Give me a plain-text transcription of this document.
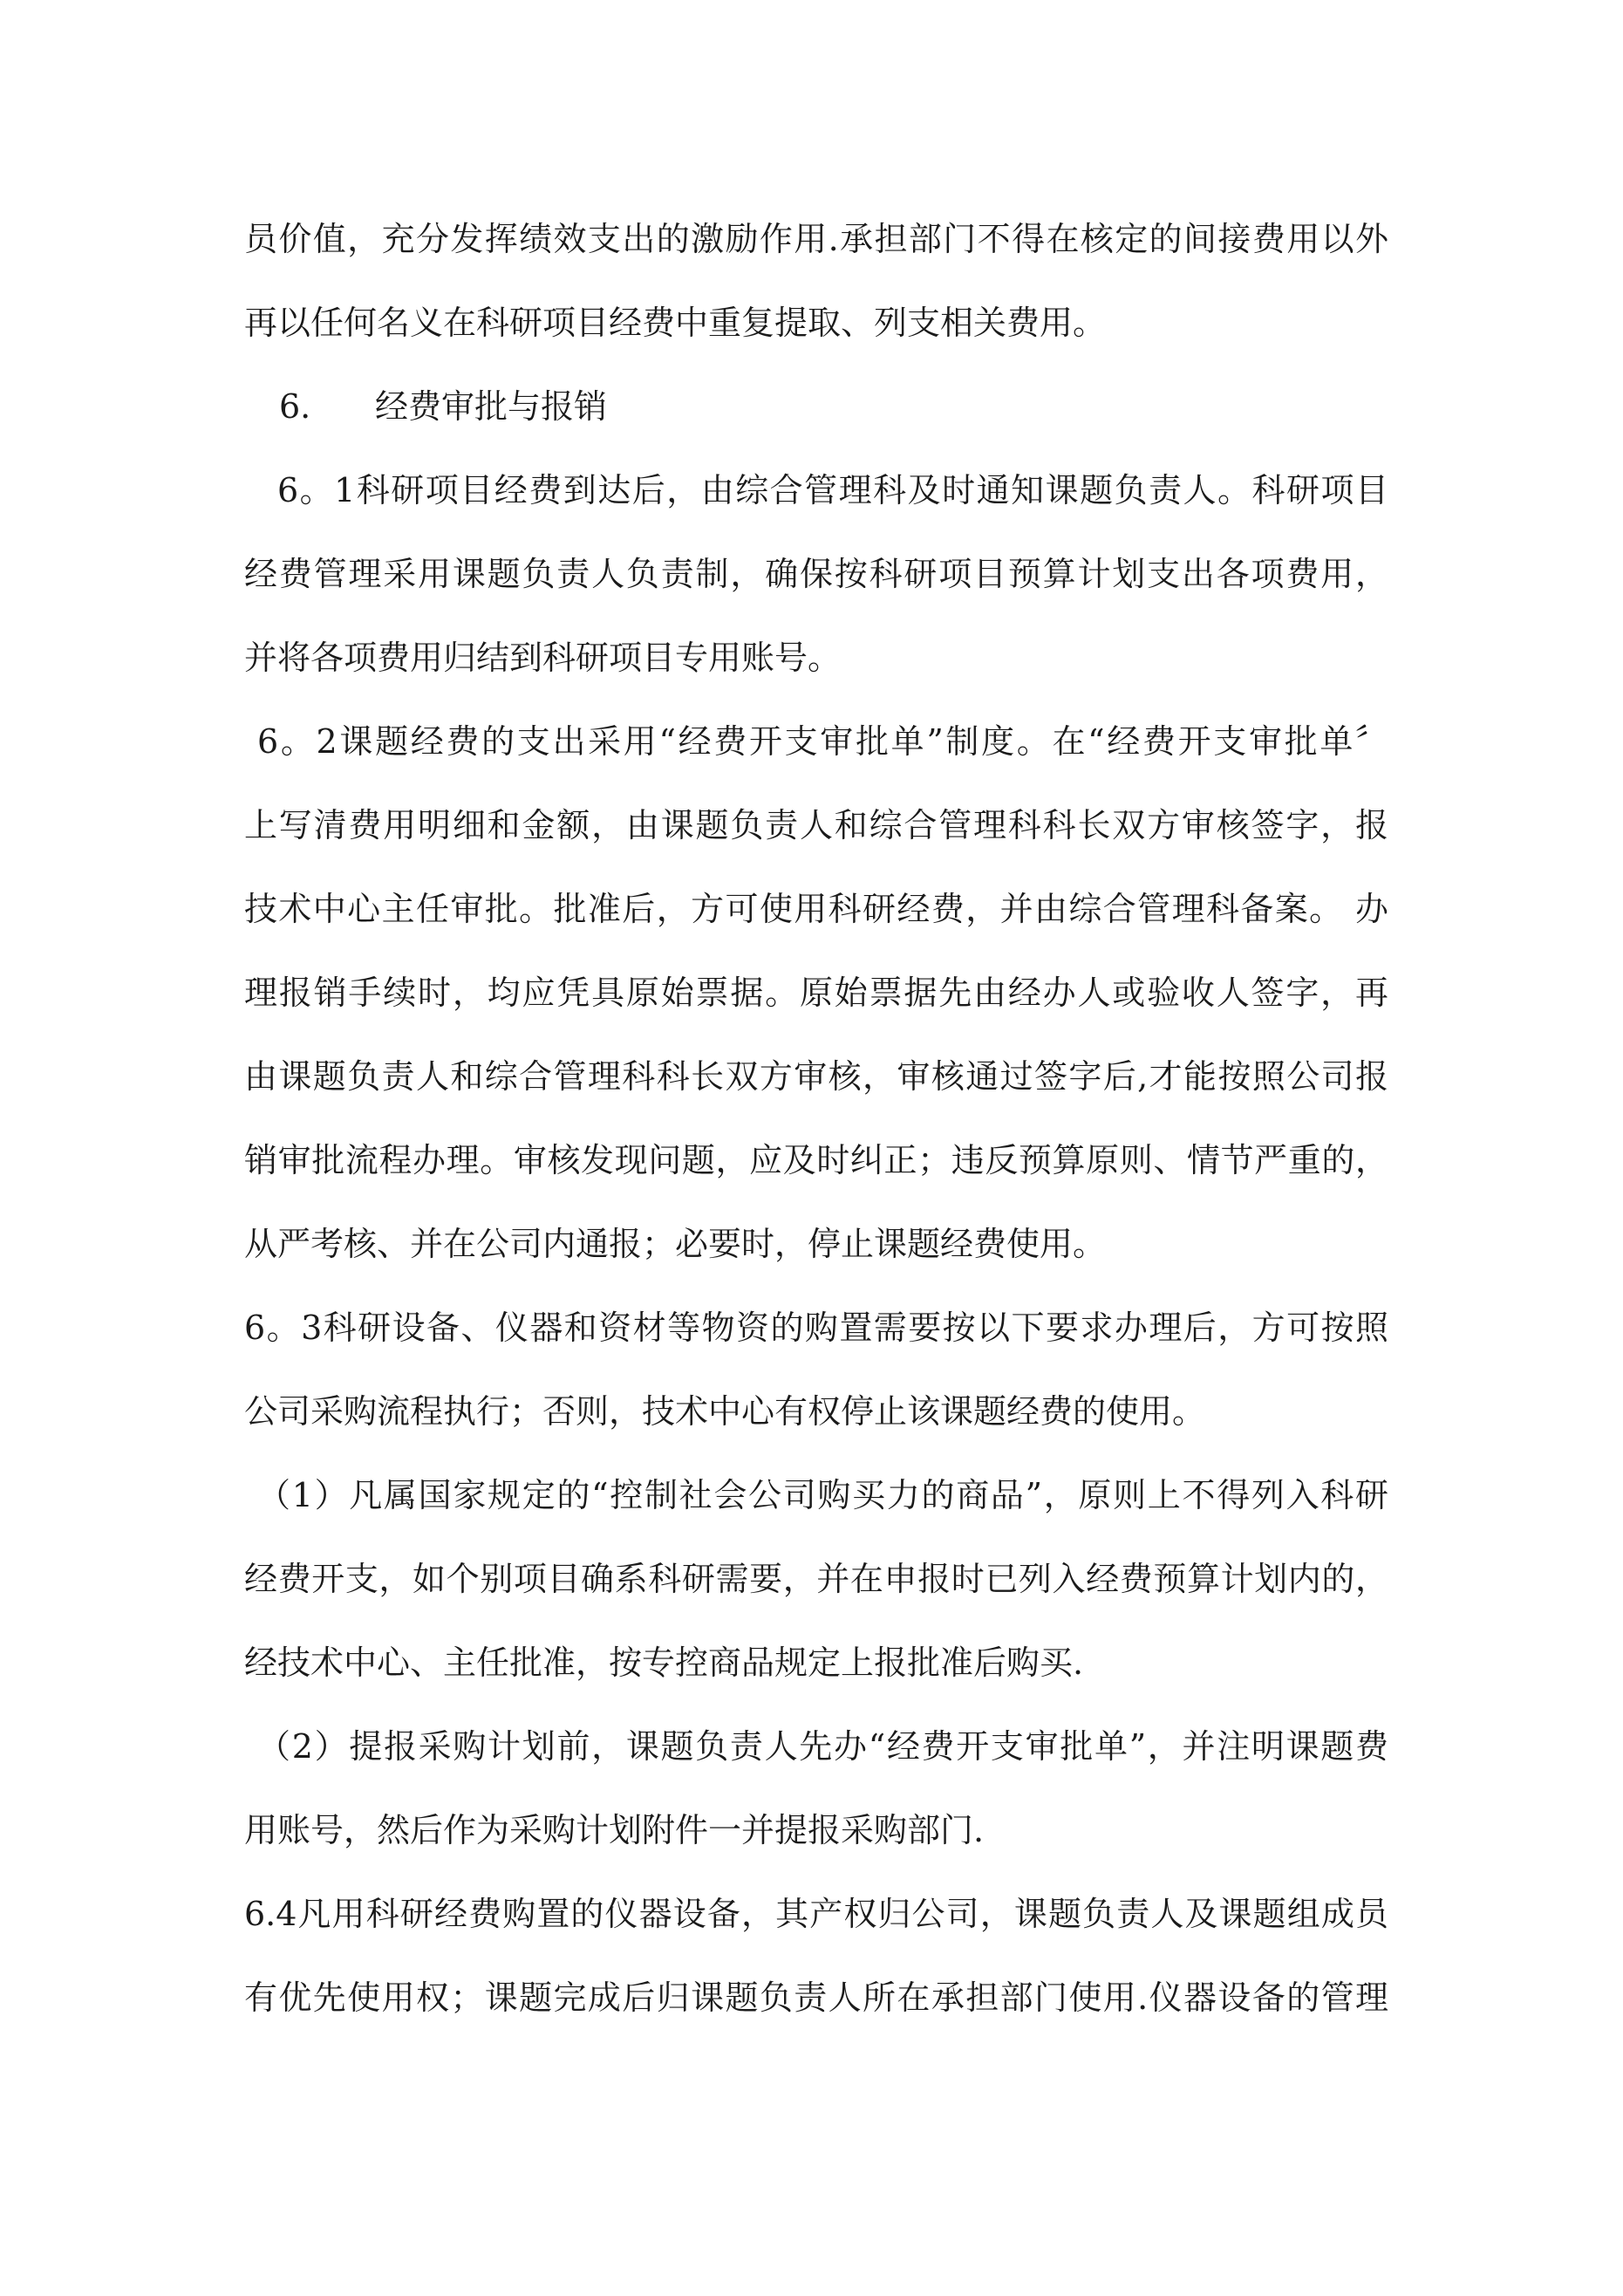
员价值，充分发挥绩效支出的激励作用.承担部门不得在核定的间接费用以外
再以任何名义在科研项目经费中重复提取、列支相关费用。
6. 经费审批与报销
6。1科研项目经费到达后，由综合管理科及时通知课题负责人。科研项目
经费管理采用课题负责人负责制，确保按科研项目预算计划支出各项费用，
并将各项费用归结到科研项目专用账号。
6。2课题经费的支出采用“经费开支审批单”制度。在“经费开支审批单〞
上写清费用明细和金额，由课题负责人和综合管理科科长双方审核签字，报
技术中心主任审批。批准后，方可使用科研经费，并由综合管理科备案。 办
理报销手续时，均应凭具原始票据。原始票据先由经办人或验收人签字，再
由课题负责人和综合管理科科长双方审核，审核通过签字后,才能按照公司报
销审批流程办理。审核发现问题，应及时纠正；违反预算原则、情节严重的，
从严考核、并在公司内通报；必要时，停止课题经费使用。
6。3科研设备、仪器和资材等物资的购置需要按以下要求办理后，方可按照
公司采购流程执行；否则，技术中心有权停止该课题经费的使用。
（1）凡属国家规定的“控制社会公司购买力的商品”，原则上不得列入科研
经费开支，如个别项目确系科研需要，并在申报时已列入经费预算计划内的，
经技术中心、主任批准，按专控商品规定上报批准后购买.
（2）提报采购计划前，课题负责人先办“经费开支审批单”，并注明课题费
用账号，然后作为采购计划附件一并提报采购部门.
6.4凡用科研经费购置的仪器设备，其产权归公司，课题负责人及课题组成员
有优先使用权；课题完成后归课题负责人所在承担部门使用.仪器设备的管理
